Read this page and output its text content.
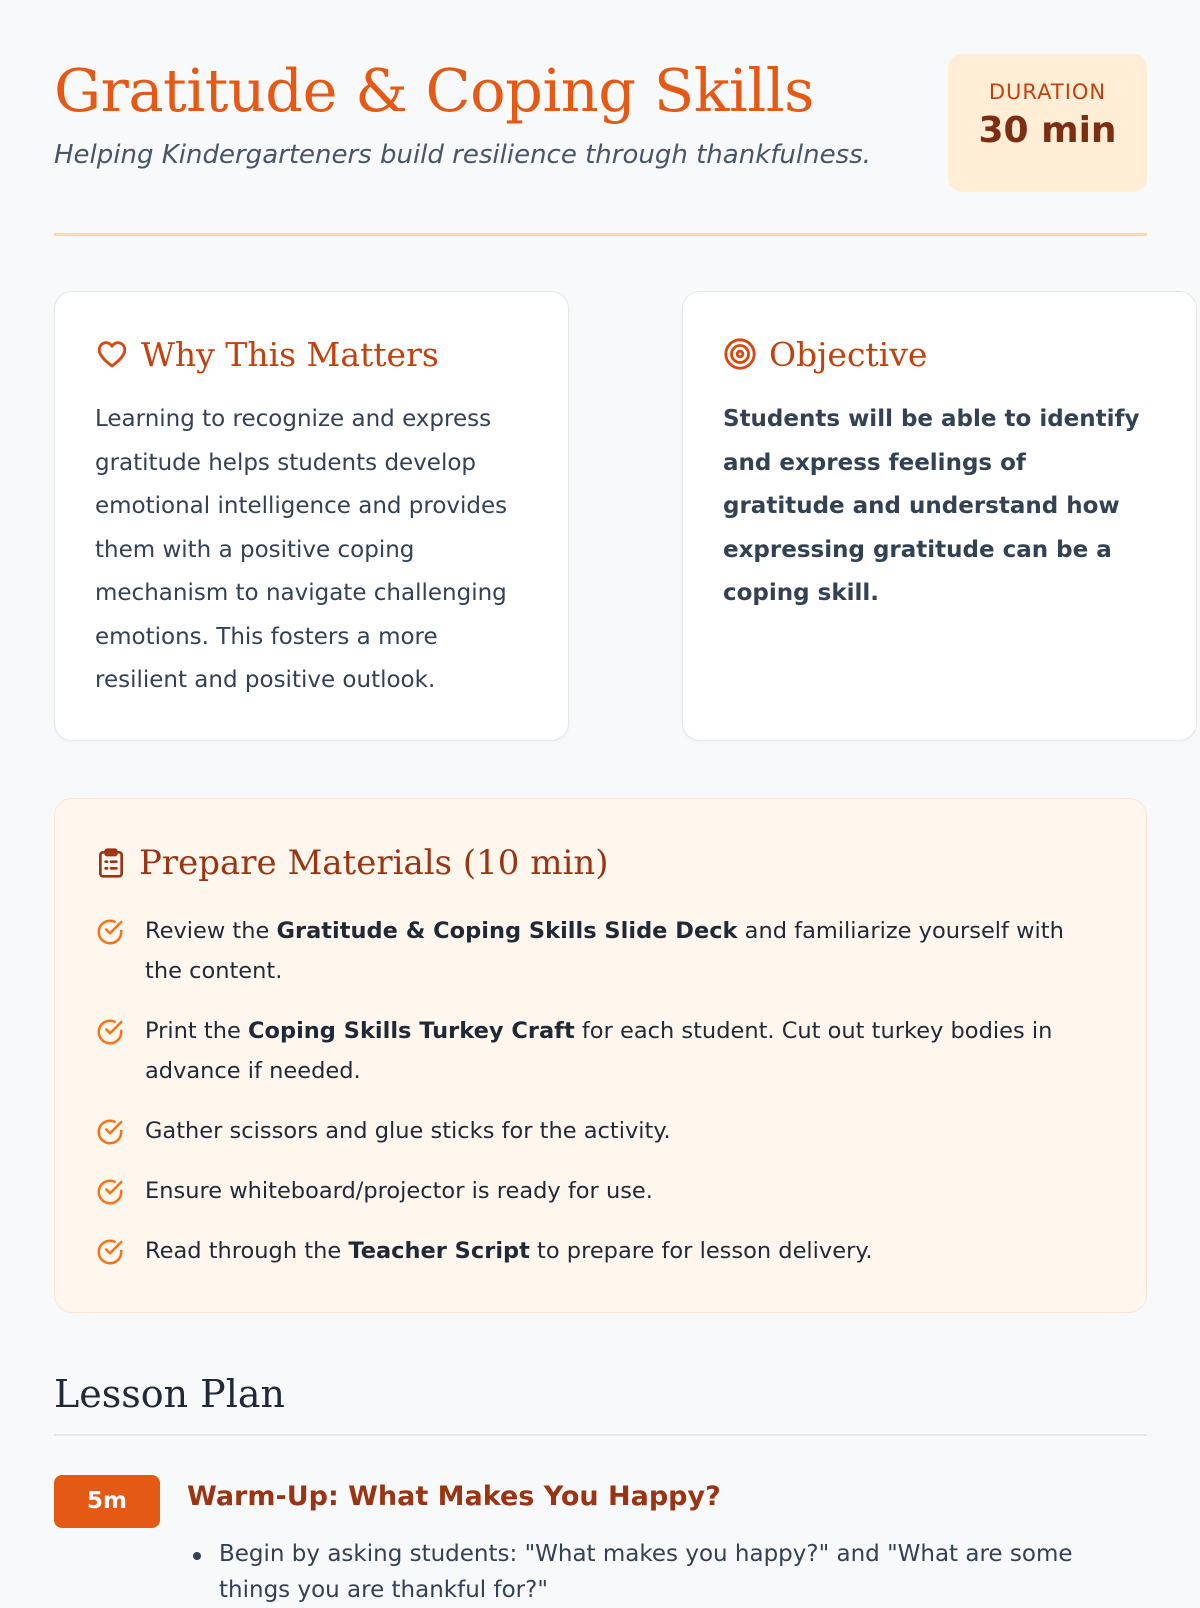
Gratitude & Coping Skills
Helping Kindergarteners build resilience through thankfulness.
DURATION
30 min
Why This Matters
Learning to recognize and express gratitude helps students develop emotional intelligence and provides them with a positive coping mechanism to navigate challenging emotions. This fosters a more resilient and positive outlook.
Objective
Students will be able to identify and express feelings of gratitude and understand how expressing gratitude can be a coping skill.
Prepare Materials (10 min)
Review the Gratitude & Coping Skills Slide Deck and familiarize yourself with the content.
Print the Coping Skills Turkey Craft for each student. Cut out turkey bodies in advance if needed.
Gather scissors and glue sticks for the activity.
Ensure whiteboard/projector is ready for use.
Read through the Teacher Script to prepare for lesson delivery.
Lesson Plan
5m	Warm-Up: What Makes You Happy?
Begin by asking students: "What makes you happy?" and "What are some things you are thankful for?"
